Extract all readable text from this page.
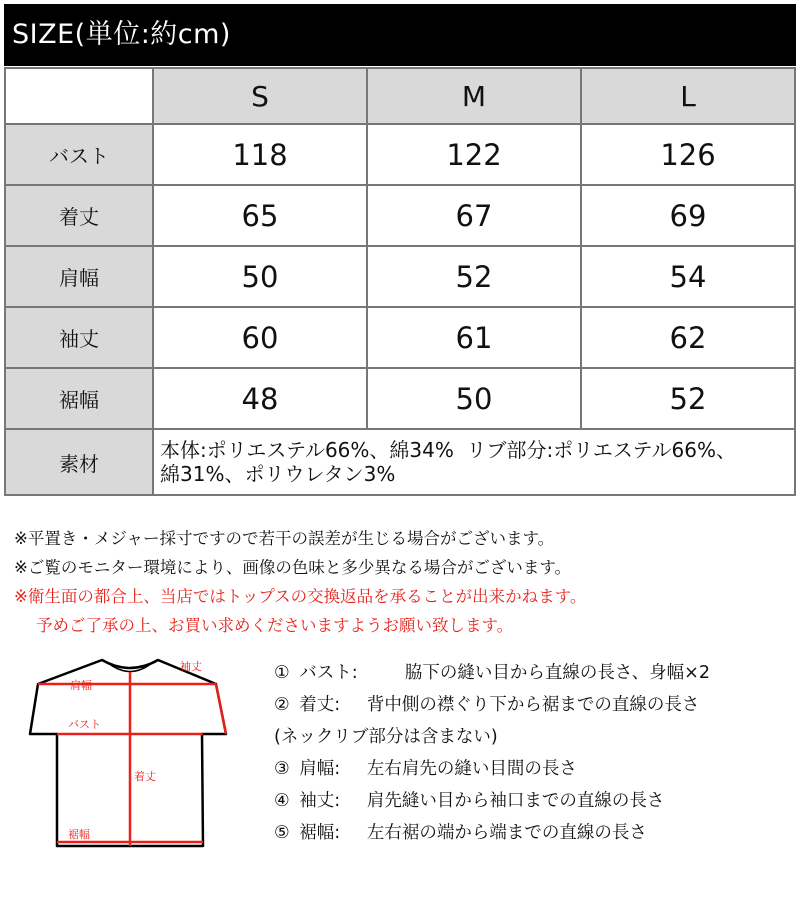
SIZE(単位:約cm)
	S	M	L
バスト	118	122	126
着丈	65	67	69
肩幅	50	52	54
袖丈	60	61	62
裾幅	48	50	52
素材	本体:ポリエステル66%、綿34%  リブ部分:ポリエステル66%、
綿31%、ポリウレタン3%		
※平置き・メジャー採寸ですので若干の誤差が生じる場合がございます。
※ご覧のモニター環境により、画像の色味と多少異なる場合がございます。
※衛生面の都合上、当店ではトップスの交換返品を承ることが出来かねます。
予めご了承の上、お買い求めくださいますようお願い致します。
袖丈
肩幅
バスト
着丈
裾幅
① バスト:	脇下の縫い目から直線の長さ、身幅×2
② 着丈: 背中側の襟ぐり下から裾までの直線の長さ
(ネックリブ部分は含まない)
③ 肩幅: 左右肩先の縫い目間の長さ
④ 袖丈: 肩先縫い目から袖口までの直線の長さ
⑤ 裾幅: 左右裾の端から端までの直線の長さ
